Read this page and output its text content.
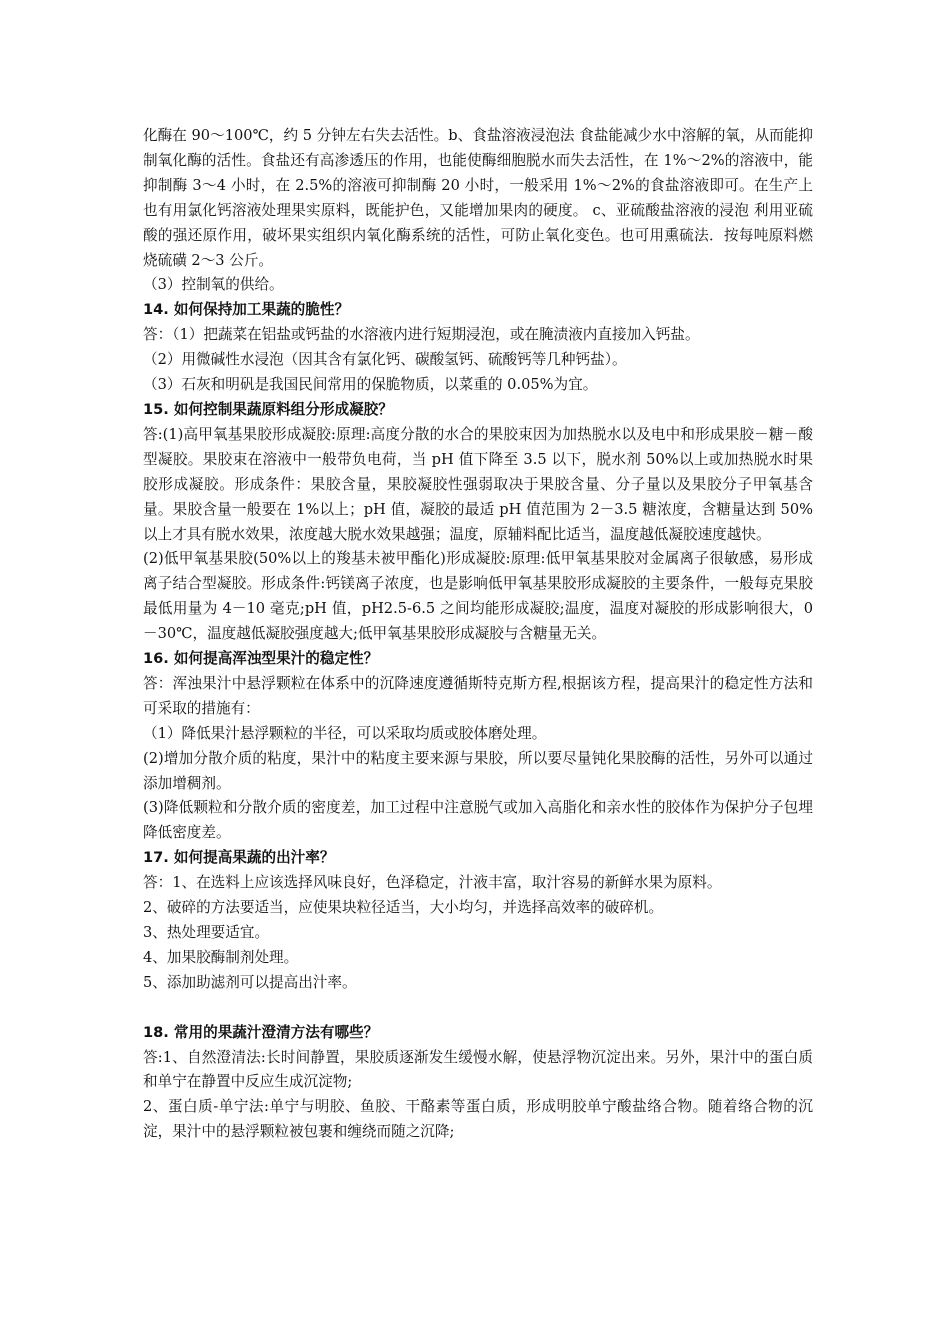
化酶在 90～100℃，约 5 分钟左右失去活性。b、食盐溶液浸泡法 食盐能减少水中溶解的氧，从而能抑制氧化酶的活性。食盐还有高渗透压的作用，也能使酶细胞脱水而失去活性，在 1%～2%的溶液中，能抑制酶 3～4 小时，在 2.5%的溶液可抑制酶 20 小时，一般采用 1%～2%的食盐溶液即可。在生产上也有用氯化钙溶液处理果实原料，既能护色，又能增加果肉的硬度。 c、亚硫酸盐溶液的浸泡 利用亚硫酸的强还原作用，破坏果实组织内氧化酶系统的活性，可防止氧化变色。也可用熏硫法．按每吨原料燃烧硫磺 2～3 公斤。

（3）控制氧的供给。

14. 如何保持加工果蔬的脆性？

答：（1）把蔬菜在铝盐或钙盐的水溶液内进行短期浸泡，或在腌渍液内直接加入钙盐。

（2）用微碱性水浸泡（因其含有氯化钙、碳酸氢钙、硫酸钙等几种钙盐）。

（3）石灰和明矾是我国民间常用的保脆物质，以菜重的 0.05%为宜。

15. 如何控制果蔬原料组分形成凝胶？

答:(1)高甲氧基果胶形成凝胶:原理:高度分散的水合的果胶束因为加热脱水以及电中和形成果胶－糖－酸型凝胶。果胶束在溶液中一般带负电荷，当 pH 值下降至 3.5 以下，脱水剂 50%以上或加热脱水时果胶形成凝胶。形成条件：果胶含量，果胶凝胶性强弱取决于果胶含量、分子量以及果胶分子甲氧基含量。果胶含量一般要在 1%以上；pH 值，凝胶的最适 pH 值范围为 2－3.5 糖浓度，含糖量达到 50%以上才具有脱水效果，浓度越大脱水效果越强；温度，原辅料配比适当，温度越低凝胶速度越快。

(2)低甲氧基果胶(50%以上的羧基未被甲酯化)形成凝胶:原理:低甲氧基果胶对金属离子很敏感，易形成离子结合型凝胶。形成条件:钙镁离子浓度，也是影响低甲氧基果胶形成凝胶的主要条件，一般每克果胶最低用量为 4－10 毫克;pH 值，pH2.5-6.5 之间均能形成凝胶;温度，温度对凝胶的形成影响很大，0－30℃，温度越低凝胶强度越大;低甲氧基果胶形成凝胶与含糖量无关。

16. 如何提高浑浊型果汁的稳定性？

答：浑浊果汁中悬浮颗粒在体系中的沉降速度遵循斯特克斯方程,根据该方程，提高果汁的稳定性方法和可采取的措施有：

（1）降低果汁悬浮颗粒的半径，可以采取均质或胶体磨处理。

(2)增加分散介质的粘度，果汁中的粘度主要来源与果胶，所以要尽量钝化果胶酶的活性，另外可以通过添加增稠剂。

(3)降低颗粒和分散介质的密度差，加工过程中注意脱气或加入高脂化和亲水性的胶体作为保护分子包埋降低密度差。

17. 如何提高果蔬的出汁率？

答：1、在选料上应该选择风味良好，色泽稳定，汁液丰富，取汁容易的新鲜水果为原料。

2、破碎的方法要适当，应使果块粒径适当，大小均匀，并选择高效率的破碎机。

3、热处理要适宜。

4、加果胶酶制剂处理。

5、添加助滤剂可以提高出汁率。

18. 常用的果蔬汁澄清方法有哪些？

答:1、自然澄清法:长时间静置，果胶质逐渐发生缓慢水解，使悬浮物沉淀出来。另外，果汁中的蛋白质和单宁在静置中反应生成沉淀物;

2、蛋白质-单宁法:单宁与明胶、鱼胶、干酪素等蛋白质，形成明胶单宁酸盐络合物。随着络合物的沉淀，果汁中的悬浮颗粒被包裹和缠绕而随之沉降;
